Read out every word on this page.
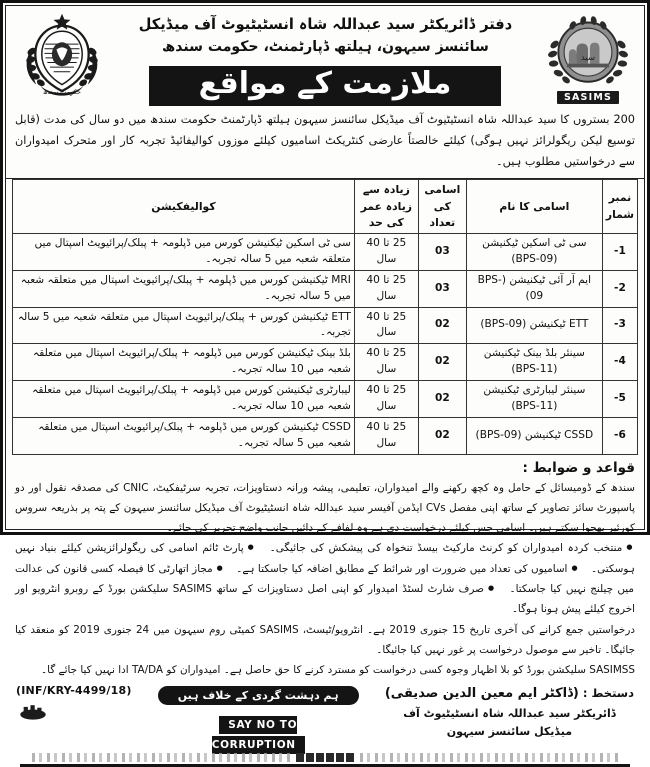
حکومت سندھ
دفتر ڈائریکٹر سید عبداللہ شاہ انسٹیٹیوٹ آف میڈیکل
سائنسز سیہون، ہیلتھ ڈپارٹمنٹ، حکومت سندھ
ملازمت کے مواقع
سید
SASIMS
200 بستروں کا سید عبداللہ شاہ انسٹیٹیوٹ آف میڈیکل سائنسز سیہون ہیلتھ ڈپارٹمنٹ حکومت سندھ میں دو سال کی مدت (قابل توسیع لیکن ریگولرائز نہیں ہوگی) کیلئے خالصتاً عارضی کنٹریکٹ اسامیوں کیلئے موزوں کوالیفائیڈ تجربہ کار اور متحرک امیدواران سے درخواستیں مطلوب ہیں۔
نمبر شمار	اسامی کا نام	اسامی کی تعداد	زیادہ سے زیادہ عمر کی حد	کوالیفکیشن
1-	سی ٹی اسکین ٹیکنیشن (BPS-09)	03	25 تا 40 سال	سی ٹی اسکین ٹیکنیشن کورس میں ڈپلومہ + پبلک/پرائیویٹ اسپتال میں متعلقہ شعبہ میں 5 سالہ تجربہ۔
2-	ایم آر آئی ٹیکنیشن (BPS-09)	03	25 تا 40 سال	MRI ٹیکنیشن کورس میں ڈپلومہ + پبلک/پرائیویٹ اسپتال میں متعلقہ شعبہ میں 5 سالہ تجربہ۔
3-	ETT ٹیکنیشن (BPS-09)	02	25 تا 40 سال	ETT ٹیکنیشن کورس + پبلک/پرائیویٹ اسپتال میں متعلقہ شعبہ میں 5 سالہ تجربہ۔
4-	سینئر بلڈ بینک ٹیکنیشن (BPS-11)	02	25 تا 40 سال	بلڈ بینک ٹیکنیشن کورس میں ڈپلومہ + پبلک/پرائیویٹ اسپتال میں متعلقہ شعبہ میں 10 سالہ تجربہ۔
5-	سینئر لیبارٹری ٹیکنیشن (BPS-11)	02	25 تا 40 سال	لیبارٹری ٹیکنیشن کورس میں ڈپلومہ + پبلک/پرائیویٹ اسپتال میں متعلقہ شعبہ میں 10 سالہ تجربہ۔
6-	CSSD ٹیکنیشن (BPS-09)	02	25 تا 40 سال	CSSD ٹیکنیشن کورس میں ڈپلومہ + پبلک/پرائیویٹ اسپتال میں متعلقہ شعبہ میں 5 سالہ تجربہ۔
قواعد و ضوابط :

سندھ کے ڈومیسائل کے حامل وہ کچھ رکھنے والے امیدواران، تعلیمی، پیشہ ورانہ دستاویزات، تجربہ سرٹیفکیٹ، CNIC کی مصدقہ نقول اور دو پاسپورٹ سائز تصاویر کے ساتھ اپنی مفصل CVs ایڈمن آفیسر سید عبداللہ شاہ انسٹیٹیوٹ آف میڈیکل سائنسز سیہون کے پتہ پر بذریعہ سروس کورئیر بھجوا سکتے ہیں۔ اسامی جس کیلئے درخواست دی ہے وہ لفافے کے دائیں جانب واضح تحریر کی جائے۔

● منتخب کردہ امیدواران کو کرنٹ مارکیٹ بیسڈ تنخواہ کی پیشکش کی جائیگی۔ ● پارٹ ٹائم اسامی کی ریگولرائزیشن کیلئے بنیاد نہیں ہوسکتی۔ ● اسامیوں کی تعداد میں ضرورت اور شرائط کے مطابق اضافہ کیا جاسکتا ہے۔ ● مجاز اتھارٹی کا فیصلہ کسی قانون کی عدالت میں چیلنج نہیں کیا جاسکتا۔ ● صرف شارٹ لسٹڈ امیدوار کو اپنی اصل دستاویزات کے ساتھ SASIMS سلیکشن بورڈ کے روبرو انٹرویو اور اخروج کیلئے پیش ہونا ہوگا۔

درخواستیں جمع کرانے کی آخری تاریخ 15 جنوری 2019 ہے۔ انٹرویو/ٹیسٹ، SASIMS کمیٹی روم سیہون میں 24 جنوری 2019 کو منعقد کیا جائیگا۔ تاخیر سے موصول درخواست پر غور نہیں کیا جائیگا۔

SASIMSS سلیکشن بورڈ کو بلا اظہار وجوہ کسی درخواست کو مسترد کرنے کا حق حاصل ہے۔ امیدواران کو TA/DA ادا نہیں کیا جائے گا۔

دستخط : (ڈاکٹر ایم معین الدین صدیقی)
ڈائریکٹر سید عبداللہ شاہ انسٹیٹیوٹ آف
میڈیکل سائنسز سیہون
ہم دہشت گردی کے خلاف ہیں
SAY NO TO
CORRUPTION
(INF/KRY-4499/18)
